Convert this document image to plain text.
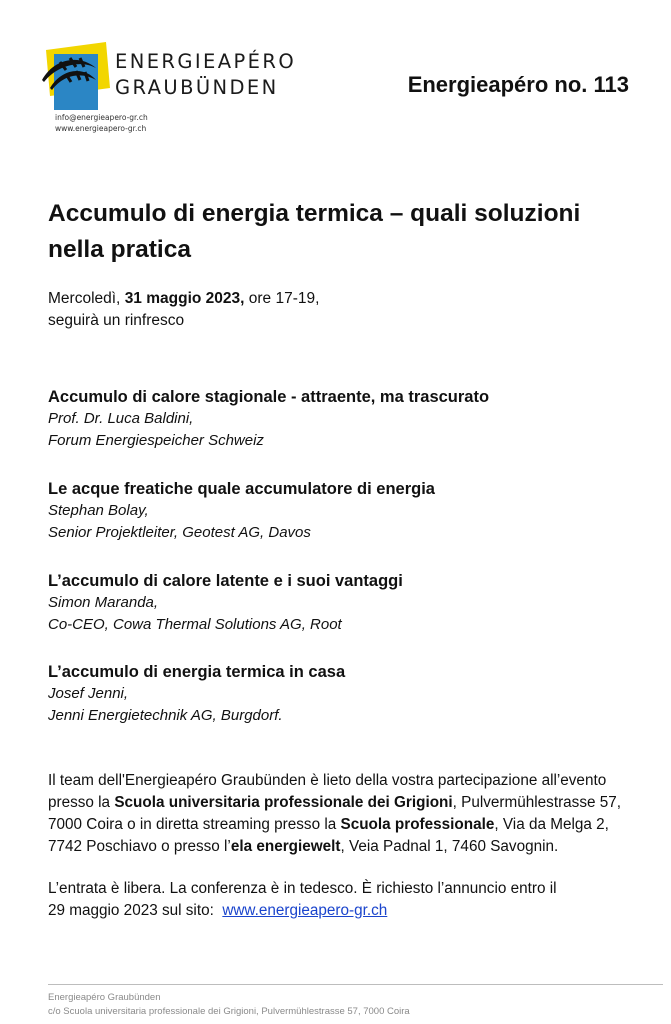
ENERGIEAPÉRO
GRAUBÜNDEN
info@energieapero-gr.ch
www.energieapero-gr.ch
Energieapéro no. 113
Accumulo di energia termica – quali soluzioni
nella pratica
Mercoledì, 31 maggio 2023, ore 17-19,
seguirà un rinfresco
Accumulo di calore stagionale - attraente, ma trascurato
Prof. Dr. Luca Baldini,
Forum Energiespeicher Schweiz
Le acque freatiche quale accumulatore di energia
Stephan Bolay,
Senior Projektleiter, Geotest AG, Davos
L’accumulo di calore latente e i suoi vantaggi
Simon Maranda,
Co-CEO, Cowa Thermal Solutions AG, Root
L’accumulo di energia termica in casa
Josef Jenni,
Jenni Energietechnik AG, Burgdorf.
Il team dell'Energieapéro Graubünden è lieto della vostra partecipazione all’evento
presso la Scuola universitaria professionale dei Grigioni, Pulvermühlestrasse 57,
7000 Coira o in diretta streaming presso la Scuola professionale, Via da Melga 2,
7742 Poschiavo o presso l’ela energiewelt, Veia Padnal 1, 7460 Savognin.
L’entrata è libera. La conferenza è in tedesco. È richiesto l’annuncio entro il
29 maggio 2023 sul sito: www.energieapero-gr.ch
Energieapéro Graubünden
c/o Scuola universitaria professionale dei Grigioni, Pulvermühlestrasse 57, 7000 Coira
